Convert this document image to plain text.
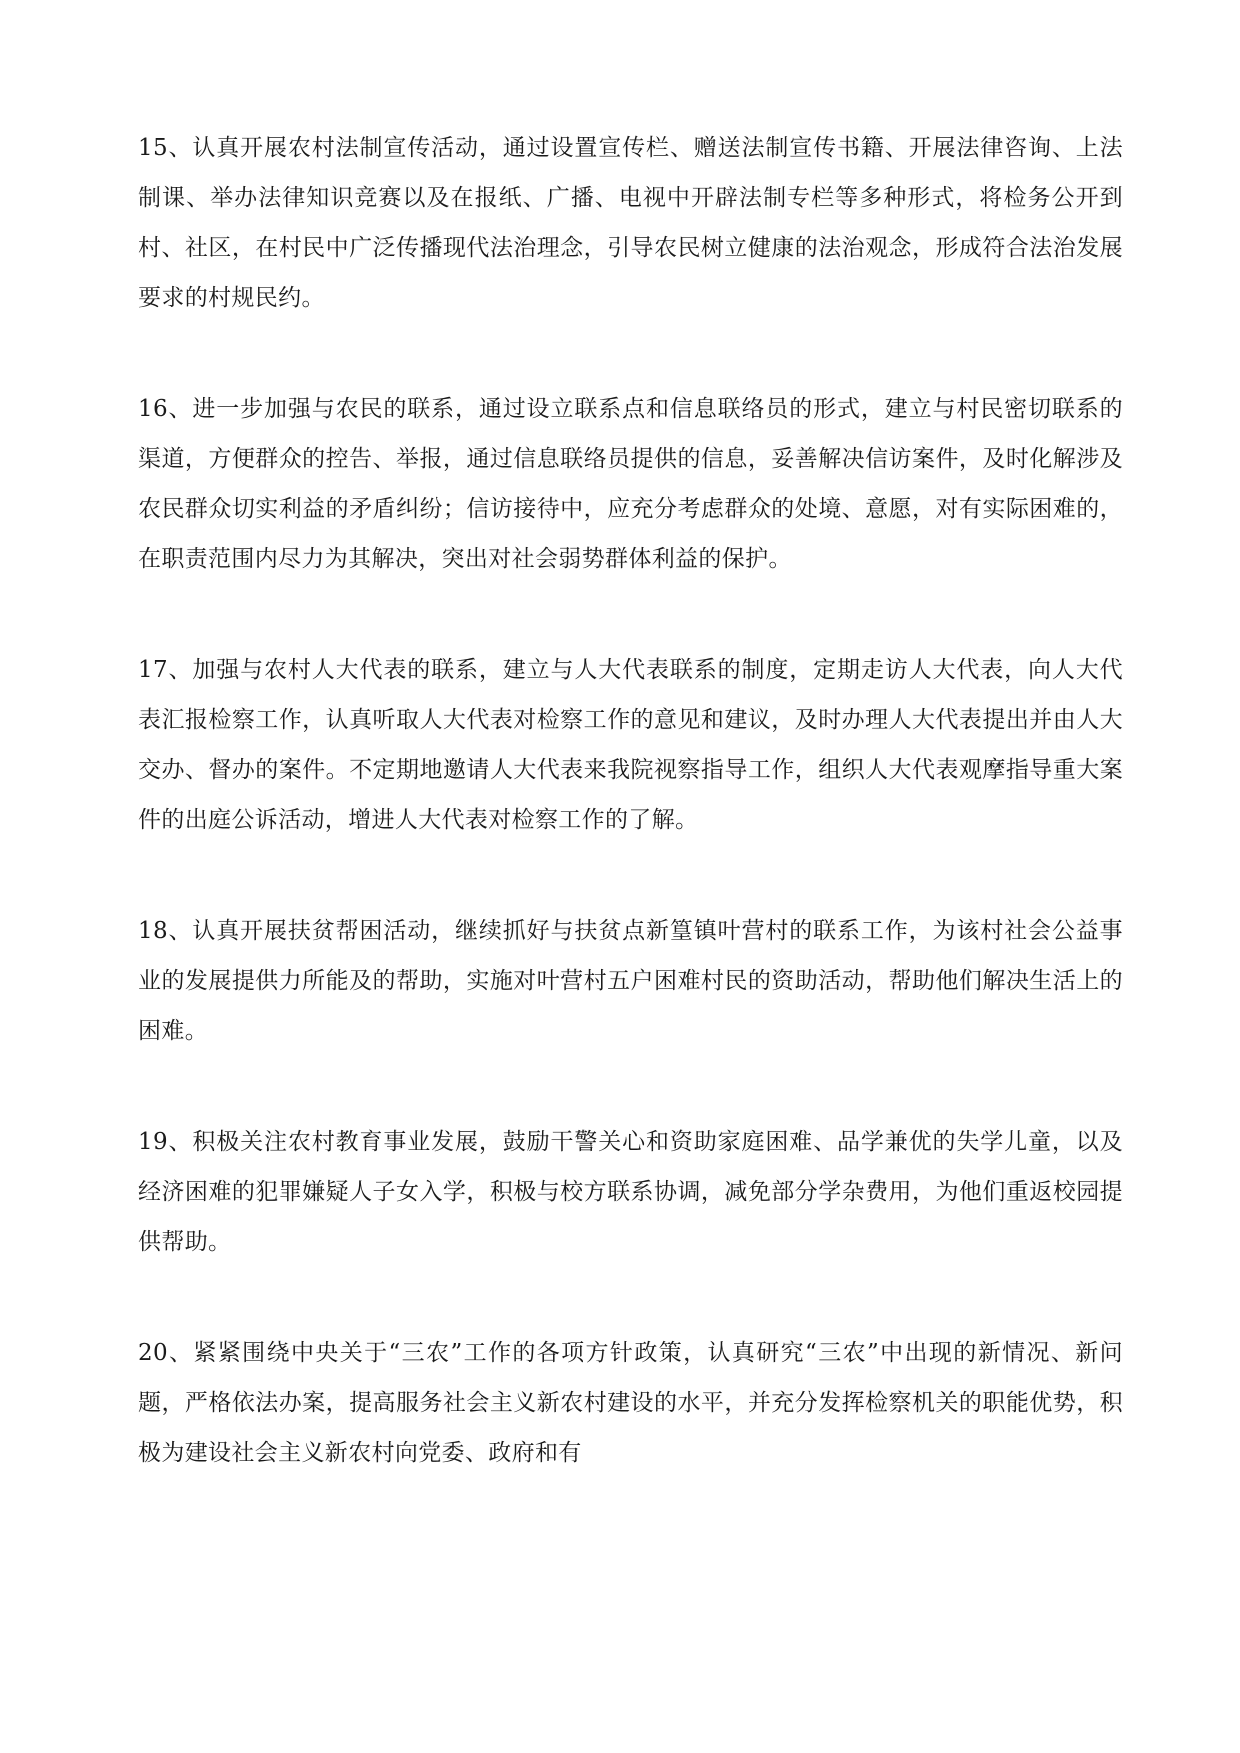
15、认真开展农村法制宣传活动，通过设置宣传栏、赠送法制宣传书籍、开展法律咨询、上法制课、举办法律知识竞赛以及在报纸、广播、电视中开辟法制专栏等多种形式，将检务公开到村、社区，在村民中广泛传播现代法治理念，引导农民树立健康的法治观念，形成符合法治发展要求的村规民约。

16、进一步加强与农民的联系，通过设立联系点和信息联络员的形式，建立与村民密切联系的渠道，方便群众的控告、举报，通过信息联络员提供的信息，妥善解决信访案件，及时化解涉及农民群众切实利益的矛盾纠纷；信访接待中，应充分考虑群众的处境、意愿，对有实际困难的，在职责范围内尽力为其解决，突出对社会弱势群体利益的保护。

17、加强与农村人大代表的联系，建立与人大代表联系的制度，定期走访人大代表，向人大代表汇报检察工作，认真听取人大代表对检察工作的意见和建议，及时办理人大代表提出并由人大交办、督办的案件。不定期地邀请人大代表来我院视察指导工作，组织人大代表观摩指导重大案件的出庭公诉活动，增进人大代表对检察工作的了解。

18、认真开展扶贫帮困活动，继续抓好与扶贫点新篁镇叶营村的联系工作，为该村社会公益事业的发展提供力所能及的帮助，实施对叶营村五户困难村民的资助活动，帮助他们解决生活上的困难。

19、积极关注农村教育事业发展，鼓励干警关心和资助家庭困难、品学兼优的失学儿童，以及经济困难的犯罪嫌疑人子女入学，积极与校方联系协调，减免部分学杂费用，为他们重返校园提供帮助。

20、紧紧围绕中央关于“三农”工作的各项方针政策，认真研究“三农”中出现的新情况、新问题，严格依法办案，提高服务社会主义新农村建设的水平，并充分发挥检察机关的职能优势，积极为建设社会主义新农村向党委、政府和有
